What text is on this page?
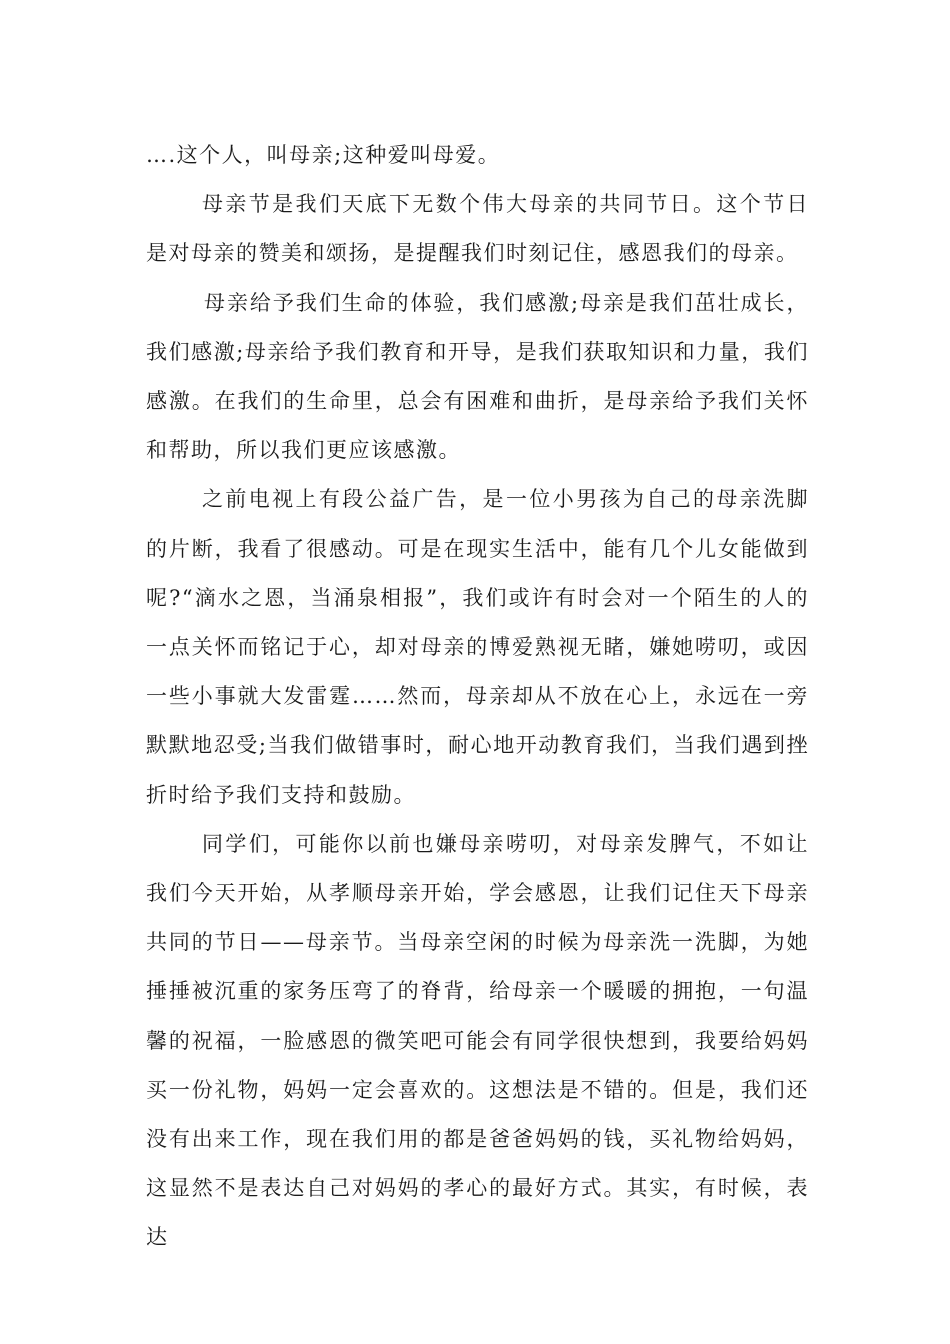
….这个人，叫母亲;这种爱叫母爱。

母亲节是我们天底下无数个伟大母亲的共同节日。这个节日是对母亲的赞美和颂扬，是提醒我们时刻记住，感恩我们的母亲。

母亲给予我们生命的体验，我们感激;母亲是我们茁壮成长，我们感激;母亲给予我们教育和开导，是我们获取知识和力量，我们感激。在我们的生命里，总会有困难和曲折，是母亲给予我们关怀和帮助，所以我们更应该感激。

之前电视上有段公益广告，是一位小男孩为自己的母亲洗脚的片断，我看了很感动。可是在现实生活中，能有几个儿女能做到呢?“滴水之恩，当涌泉相报”，我们或许有时会对一个陌生的人的一点关怀而铭记于心，却对母亲的博爱熟视无睹，嫌她唠叨，或因一些小事就大发雷霆……然而，母亲却从不放在心上，永远在一旁默默地忍受;当我们做错事时，耐心地开动教育我们，当我们遇到挫折时给予我们支持和鼓励。

同学们，可能你以前也嫌母亲唠叨，对母亲发脾气，不如让我们今天开始，从孝顺母亲开始，学会感恩，让我们记住天下母亲共同的节日——母亲节。当母亲空闲的时候为母亲洗一洗脚，为她捶捶被沉重的家务压弯了的脊背，给母亲一个暖暖的拥抱，一句温馨的祝福，一脸感恩的微笑吧可能会有同学很快想到，我要给妈妈买一份礼物，妈妈一定会喜欢的。这想法是不错的。但是，我们还没有出来工作，现在我们用的都是爸爸妈妈的钱，买礼物给妈妈，这显然不是表达自己对妈妈的孝心的最好方式。其实，有时候，表达
